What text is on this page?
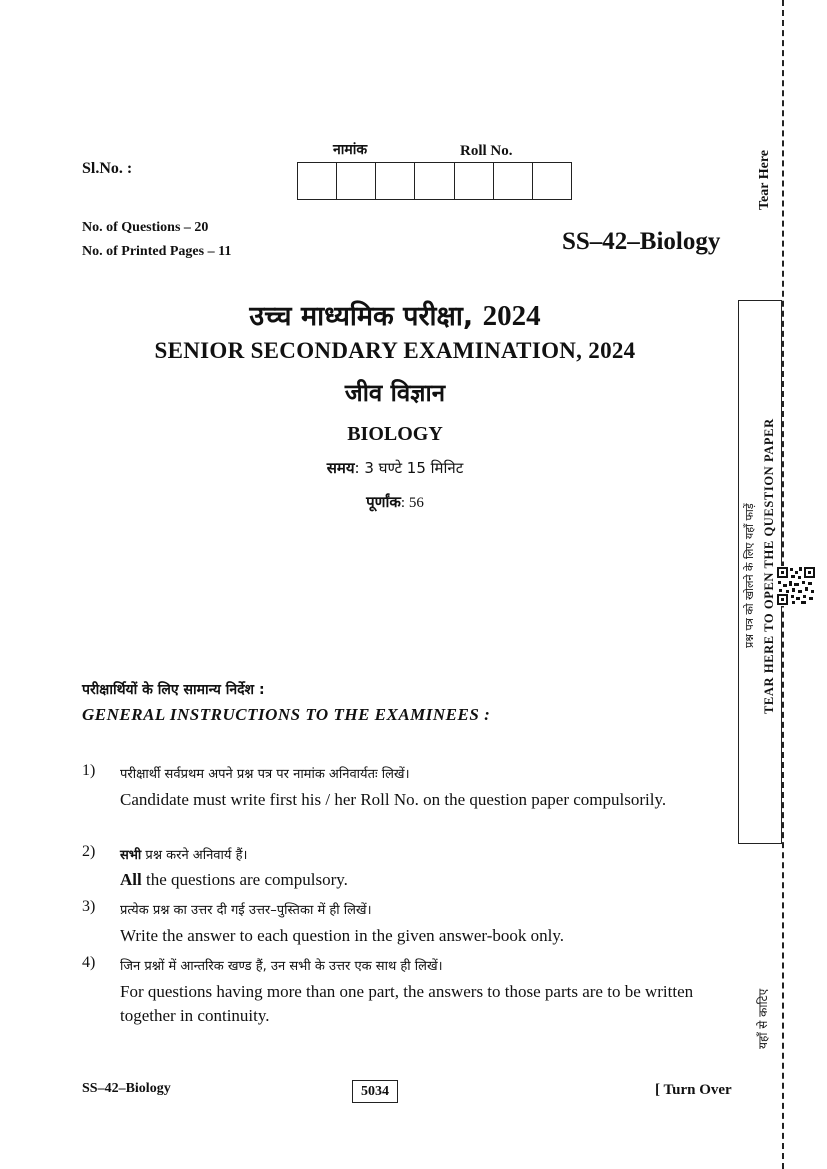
Sl.No. :
नामांक	Roll No.
No. of Questions – 20
No. of Printed Pages – 11	SS–42–Biology
उच्च माध्यमिक परीक्षा, 2024
SENIOR SECONDARY EXAMINATION, 2024
जीव विज्ञान
BIOLOGY
समय: 3 घण्टे 15 मिनिट
पूर्णांक: 56
परीक्षार्थियों के लिए सामान्य निर्देश :
GENERAL INSTRUCTIONS TO THE EXAMINEES :
1) परीक्षार्थी सर्वप्रथम अपने प्रश्न पत्र पर नामांक अनिवार्यतः लिखें।
Candidate must write first his / her Roll No. on the question paper compulsorily.
2) सभी प्रश्न करने अनिवार्य हैं।
All the questions are compulsory.
3) प्रत्येक प्रश्न का उत्तर दी गई उत्तर–पुस्तिका में ही लिखें।
Write the answer to each question in the given answer-book only.
4) जिन प्रश्नों में आन्तरिक खण्ड हैं, उन सभी के उत्तर एक साथ ही लिखें।
For questions having more than one part, the answers to those parts are to be written together in continuity.
SS–42–Biology	5034	[ Turn Over
Tear Here
प्रश्न पत्र को खोलने के लिए यहाँ फाड़ें TEAR HERE TO OPEN THE QUESTION PAPER
यहाँ से काटिए
